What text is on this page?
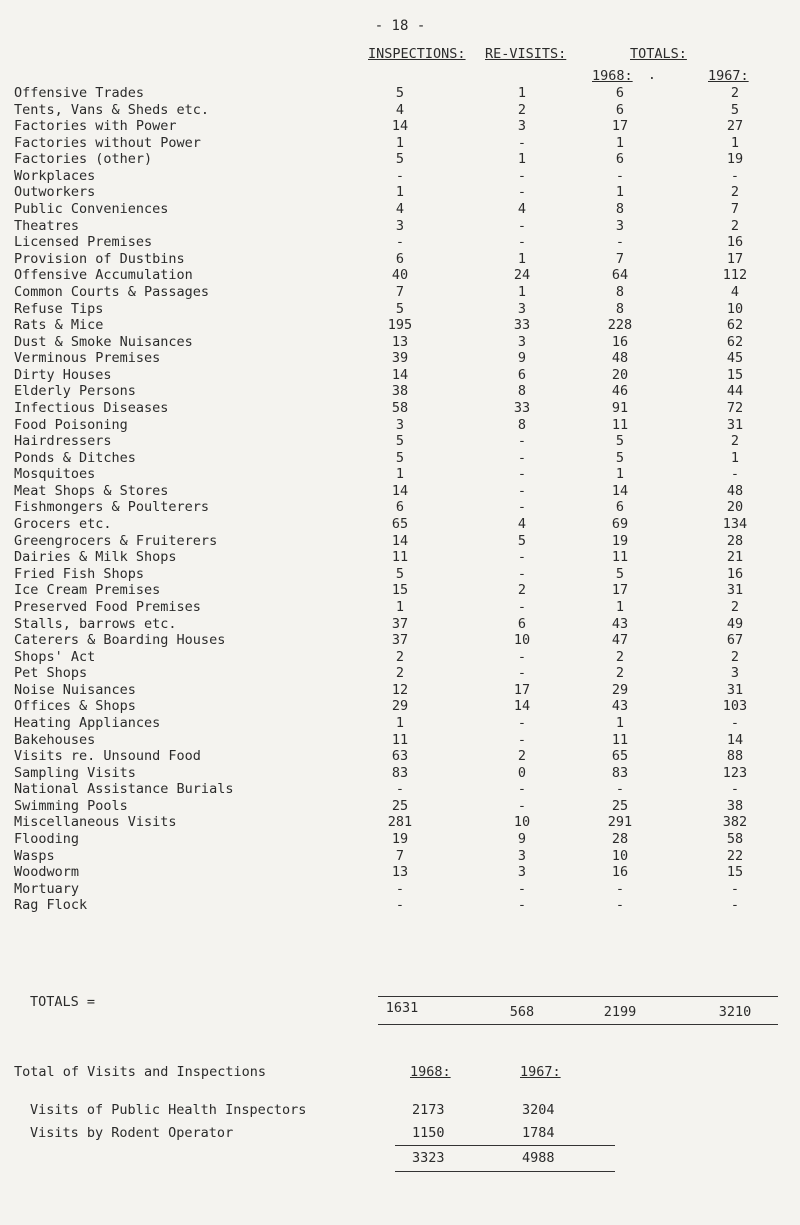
- 18 -
INSPECTIONS: RE-VISITS:	TOTALS:
1968: .	1967:
Offensive Trades	5	1	6	2
Tents, Vans & Sheds etc.	4	2	6	5
Factories with Power	14	3	17	27
Factories without Power	1	-	1	1
Factories (other)	5	1	6	19
Workplaces	-	-	-	-
Outworkers	1	-	1	2
Public Conveniences	4	4	8	7
Theatres	3	-	3	2
Licensed Premises	-	-	-	16
Provision of Dustbins	6	1	7	17
Offensive Accumulation	40	24	64	112
Common Courts & Passages	7	1	8	4
Refuse Tips	5	3	8	10
Rats & Mice	195	33	228	62
Dust & Smoke Nuisances	13	3	16	62
Verminous Premises	39	9	48	45
Dirty Houses	14	6	20	15
Elderly Persons	38	8	46	44
Infectious Diseases	58	33	91	72
Food Poisoning	3	8	11	31
Hairdressers	5	-	5	2
Ponds & Ditches	5	-	5	1
Mosquitoes	1	-	1	-
Meat Shops & Stores	14	-	14	48
Fishmongers & Poulterers	6	-	6	20
Grocers etc.	65	4	69	134
Greengrocers & Fruiterers	14	5	19	28
Dairies & Milk Shops	11	-	11	21
Fried Fish Shops	5	-	5	16
Ice Cream Premises	15	2	17	31
Preserved Food Premises	1	-	1	2
Stalls, barrows etc.	37	6	43	49
Caterers & Boarding Houses	37	10	47	67
Shops' Act	2	-	2	2
Pet Shops	2	-	2	3
Noise Nuisances	12	17	29	31
Offices & Shops	29	14	43	103
Heating Appliances	1	-	1	-
Bakehouses	11	-	11	14
Visits re. Unsound Food	63	2	65	88
Sampling Visits	83	0	83	123
National Assistance Burials	-	-	-	-
Swimming Pools	25	-	25	38
Miscellaneous Visits	281	10	291	382
Flooding	19	9	28	58
Wasps	7	3	10	22
Woodworm	13	3	16	15
Mortuary	-	-	-	-
Rag Flock	-	-	-	-
TOTALS =	1631	568	2199	3210
Total of Visits and Inspections	1968:	1967:
Visits of Public Health Inspectors	2173	3204
Visits by Rodent Operator	1150	1784
3323	4988
